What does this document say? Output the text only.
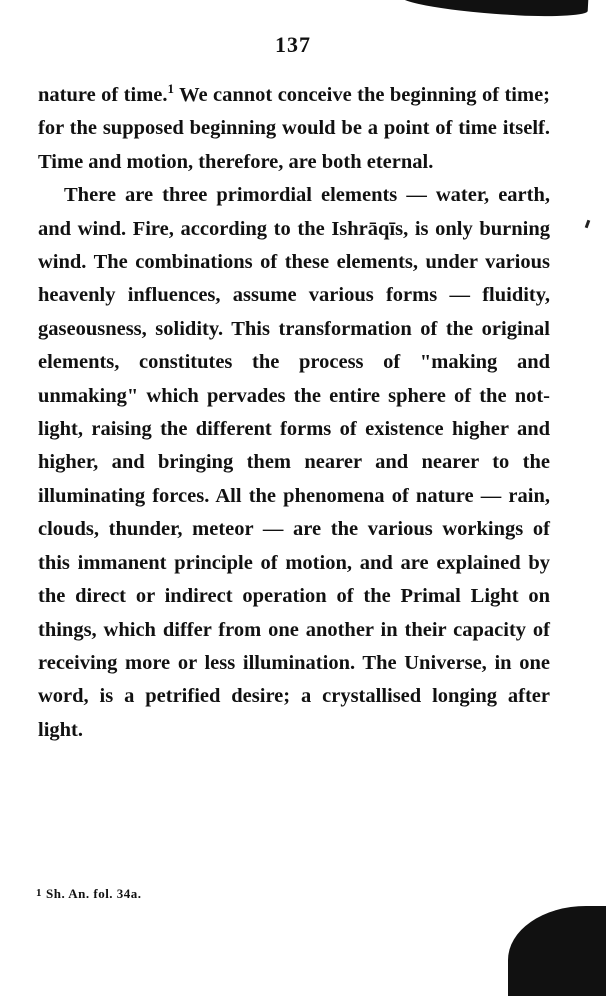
137

nature of time.$^1$ We cannot conceive the beginning of time; for the supposed beginning would be a point of time itself. Time and motion, therefore, are both eternal.

There are three primordial elements — water, earth, and wind. Fire, according to the Ishrāqīs, is only burning wind. The combinations of these elements, under various heavenly influences, assume various forms — fluidity, gaseousness, solidity. This transformation of the original elements, constitutes the process of "making and unmaking" which pervades the entire sphere of the not-light, raising the different forms of existence higher and higher, and bringing them nearer and nearer to the illuminating forces. All the phenomena of nature — rain, clouds, thunder, meteor — are the various workings of this immanent principle of motion, and are explained by the direct or indirect operation of the Primal Light on things, which differ from one another in their capacity of receiving more or less illumination. The Universe, in one word, is a petrified desire; a crystallised longing after light.

1 Sh. An. fol. 34a.
